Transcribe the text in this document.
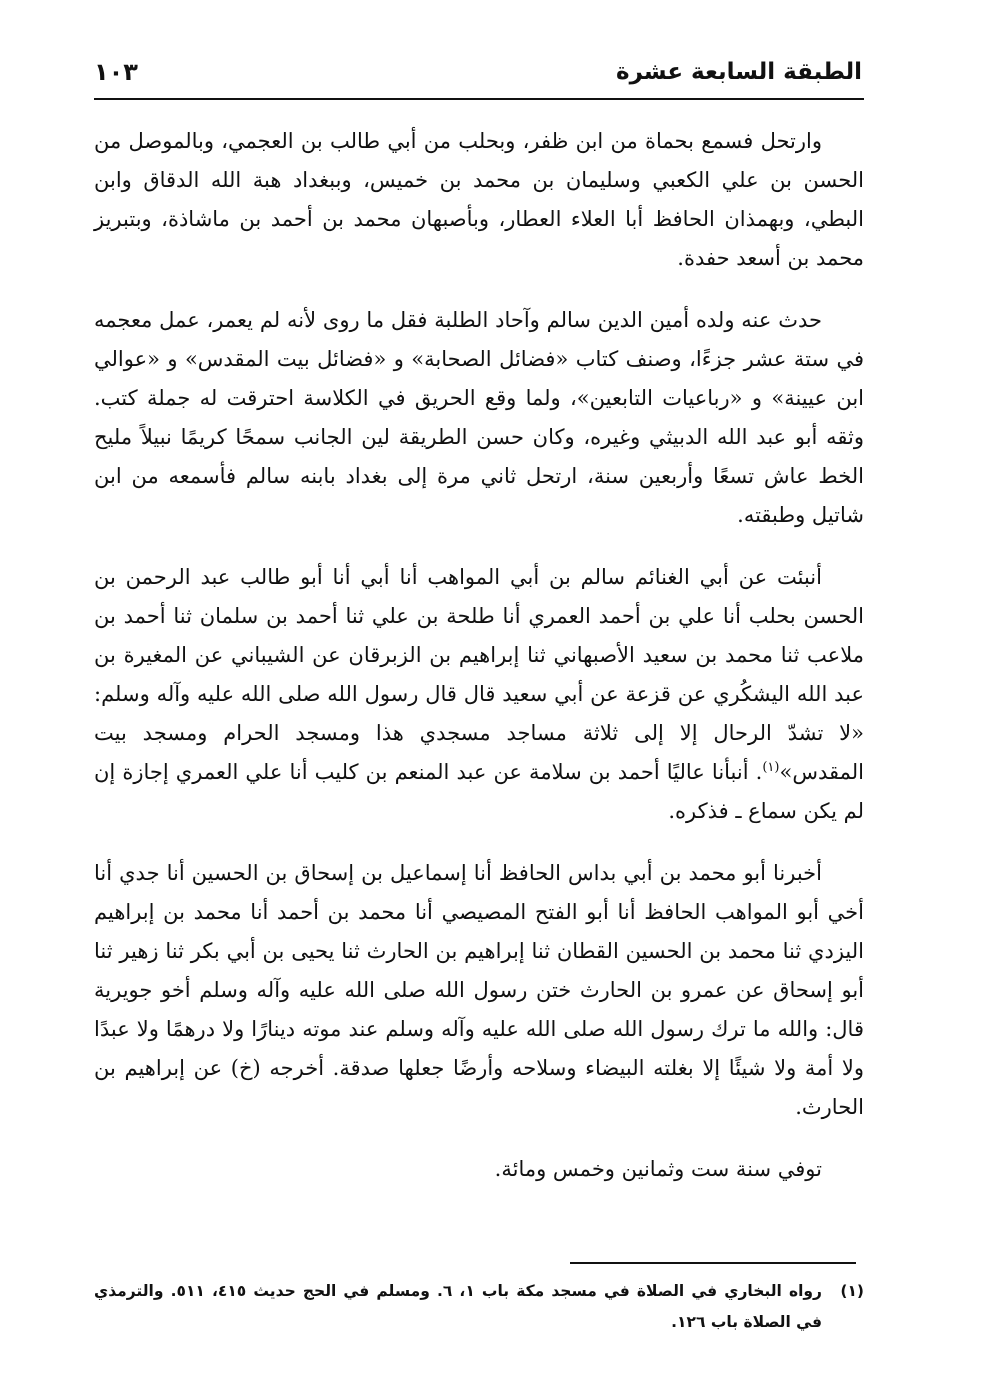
الطبقة السابعة عشرة
١٠٣

وارتحل فسمع بحماة من ابن ظفر، وبحلب من أبي طالب بن العجمي، وبالموصل من الحسن بن علي الكعبي وسليمان بن محمد بن خميس، وببغداد هبة الله الدقاق وابن البطي، وبهمذان الحافظ أبا العلاء العطار، وبأصبهان محمد بن أحمد بن ماشاذة، وبتبريز محمد بن أسعد حفدة.

حدث عنه ولده أمين الدين سالم وآحاد الطلبة فقل ما روى لأنه لم يعمر، عمل معجمه في ستة عشر جزءًا، وصنف كتاب «فضائل الصحابة» و «فضائل بيت المقدس» و «عوالي ابن عيينة» و «رباعيات التابعين»، ولما وقع الحريق في الكلاسة احترقت له جملة كتب. وثقه أبو عبد الله الدبيثي وغيره، وكان حسن الطريقة لين الجانب سمحًا كريمًا نبيلاً مليح الخط عاش تسعًا وأربعين سنة، ارتحل ثاني مرة إلى بغداد بابنه سالم فأسمعه من ابن شاتيل وطبقته.

أنبئت عن أبي الغنائم سالم بن أبي المواهب أنا أبي أنا أبو طالب عبد الرحمن بن الحسن بحلب أنا علي بن أحمد العمري أنا طلحة بن علي ثنا أحمد بن سلمان ثنا أحمد بن ملاعب ثنا محمد بن سعيد الأصبهاني ثنا إبراهيم بن الزبرقان عن الشيباني عن المغيرة بن عبد الله اليشكُري عن قزعة عن أبي سعيد قال قال رسول الله صلى الله عليه وآله وسلم: «لا تشدّ الرحال إلا إلى ثلاثة مساجد مسجدي هذا ومسجد الحرام ومسجد بيت المقدس»$^{(١)}$. أنبأنا عاليًا أحمد بن سلامة عن عبد المنعم بن كليب أنا علي العمري إجازة إن لم يكن سماع ـ فذكره.

أخبرنا أبو محمد بن أبي بداس الحافظ أنا إسماعيل بن إسحاق بن الحسين أنا جدي أنا أخي أبو المواهب الحافظ أنا أبو الفتح المصيصي أنا محمد بن أحمد أنا محمد بن إبراهيم اليزدي ثنا محمد بن الحسين القطان ثنا إبراهيم بن الحارث ثنا يحيى بن أبي بكر ثنا زهير ثنا أبو إسحاق عن عمرو بن الحارث ختن رسول الله صلى الله عليه وآله وسلم أخو جويرية قال: والله ما ترك رسول الله صلى الله عليه وآله وسلم عند موته دينارًا ولا درهمًا ولا عبدًا ولا أمة ولا شيئًا إلا بغلته البيضاء وسلاحه وأرضًا جعلها صدقة. أخرجه (خ) عن إبراهيم بن الحارث.

توفي سنة ست وثمانين وخمس ومائة.

(١)
رواه البخاري في الصلاة في مسجد مكة باب ١، ٦. ومسلم في الحج حديث ٤١٥، ٥١١. والترمذي في الصلاة باب ١٢٦.
